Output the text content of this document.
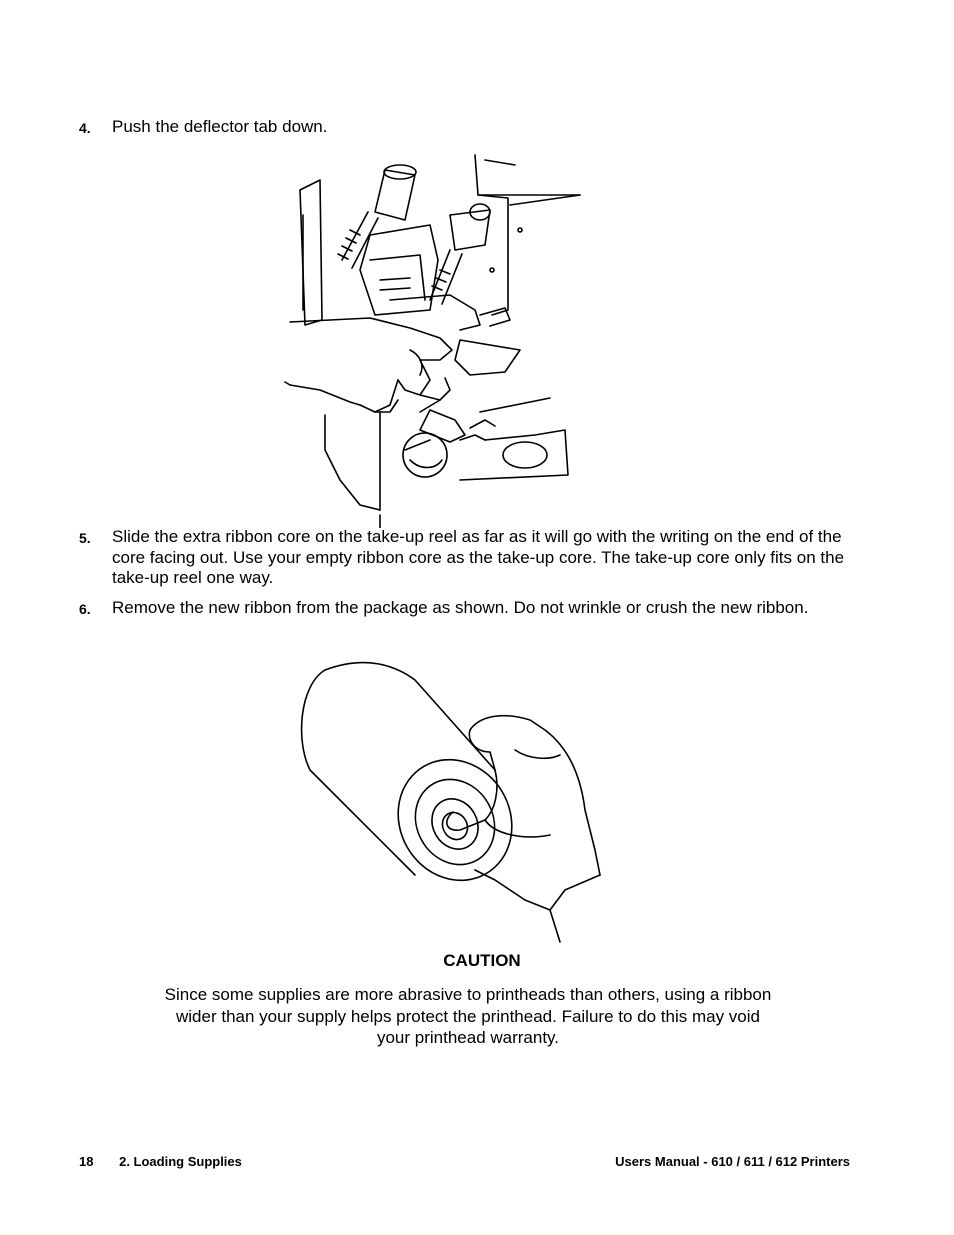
4. Push the deflector tab down.
5. Slide the extra ribbon core on the take-up reel as far as it will go with the writing on the end of the core facing out. Use your empty ribbon core as the take-up core. The take-up core only fits on the take-up reel one way.
6. Remove the new ribbon from the package as shown. Do not wrinkle or crush the new ribbon.
CAUTION
Since some supplies are more abrasive to printheads than others, using a ribbon wider than your supply helps protect the printhead. Failure to do this may void your printhead warranty.
18 2. Loading Supplies	Users Manual - 610 / 611 / 612 Printers
